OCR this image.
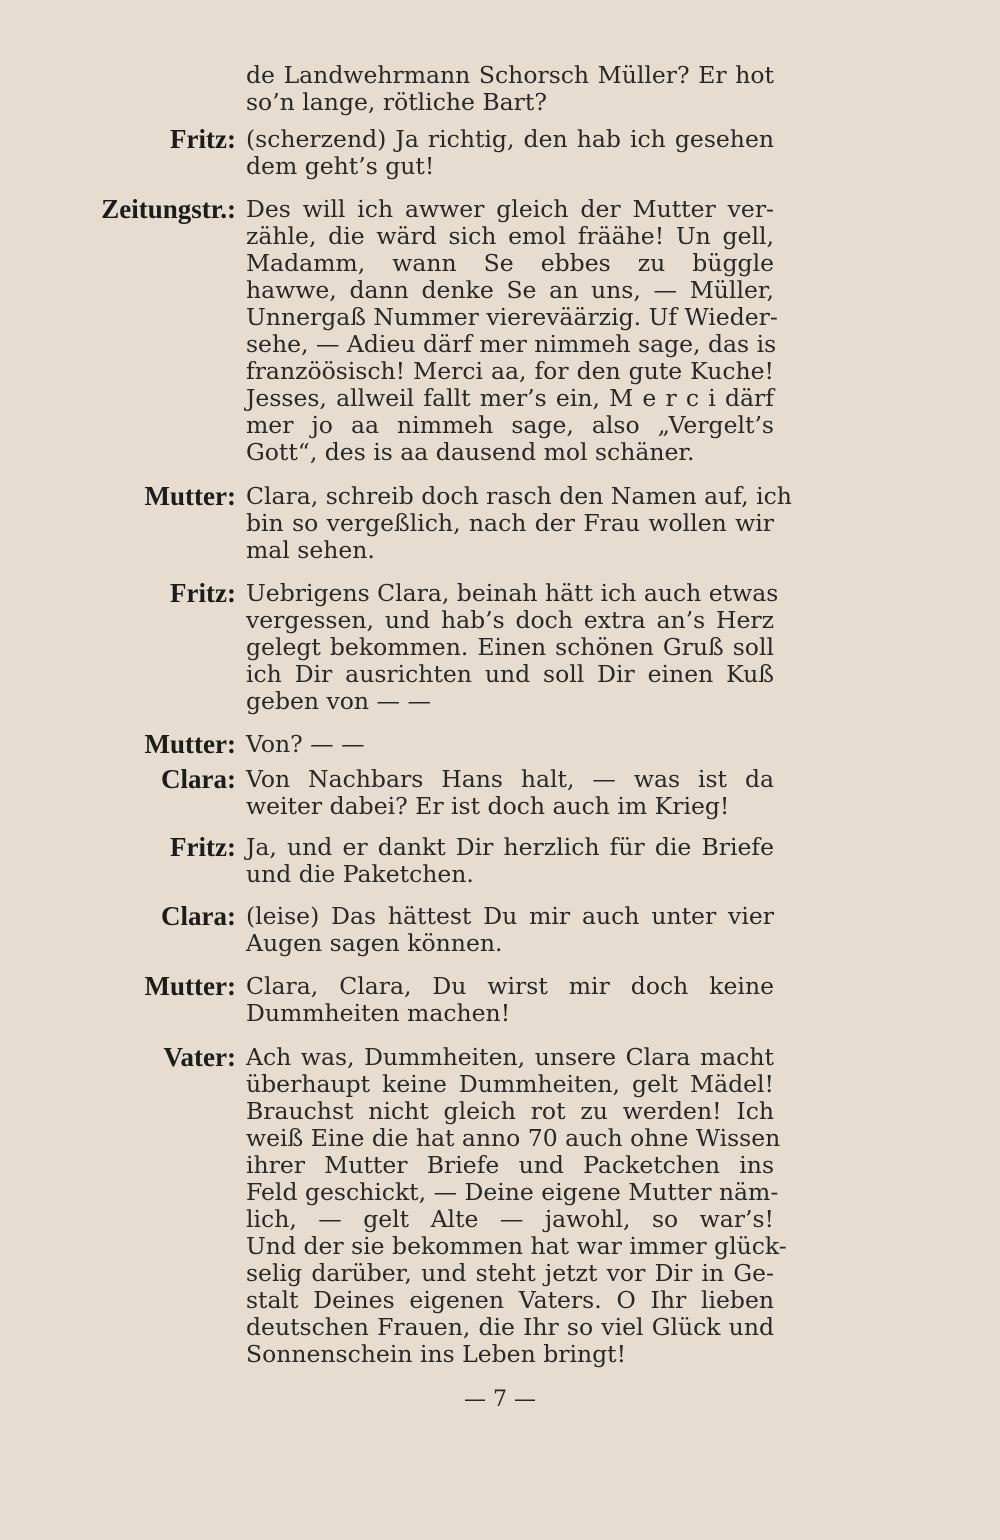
de Landwehrmann Schorsch Müller? Er hot
so’n lange, rötliche Bart?
Fritz: (scherzend) Ja richtig, den hab ich gesehen
dem geht’s gut!
Zeitungstr.: Des will ich awwer gleich der Mutter ver-
zähle, die wärd sich emol fräähe! Un gell,
Madamm, wann Se ebbes zu büggle
hawwe, dann denke Se an uns, — Müller,
Unnergaß Nummer viereväärzig. Uf Wieder-
sehe, — Adieu därf mer nimmeh sage, das is
franzöösisch! Merci aa, for den gute Kuche!
Jesses, allweil fallt mer’s ein, M e r c i därf
mer jo aa nimmeh sage, also „Vergelt’s
Gott“, des is aa dausend mol schäner.
Mutter: Clara, schreib doch rasch den Namen auf, ich
bin so vergeßlich, nach der Frau wollen wir
mal sehen.
Fritz: Uebrigens Clara, beinah hätt ich auch etwas
vergessen, und hab’s doch extra an’s Herz
gelegt bekommen. Einen schönen Gruß soll
ich Dir ausrichten und soll Dir einen Kuß
geben von — —
Mutter: Von? — —
Clara: Von Nachbars Hans halt, — was ist da
weiter dabei? Er ist doch auch im Krieg!
Fritz: Ja, und er dankt Dir herzlich für die Briefe
und die Paketchen.
Clara: (leise) Das hättest Du mir auch unter vier
Augen sagen können.
Mutter: Clara, Clara, Du wirst mir doch keine
Dummheiten machen!
Vater: Ach was, Dummheiten, unsere Clara macht
überhaupt keine Dummheiten, gelt Mädel!
Brauchst nicht gleich rot zu werden! Ich
weiß Eine die hat anno 70 auch ohne Wissen
ihrer Mutter Briefe und Packetchen ins
Feld geschickt, — Deine eigene Mutter näm-
lich, — gelt Alte — jawohl, so war’s!
Und der sie bekommen hat war immer glück-
selig darüber, und steht jetzt vor Dir in Ge-
stalt Deines eigenen Vaters. O Ihr lieben
deutschen Frauen, die Ihr so viel Glück und
Sonnenschein ins Leben bringt!
— 7 —
